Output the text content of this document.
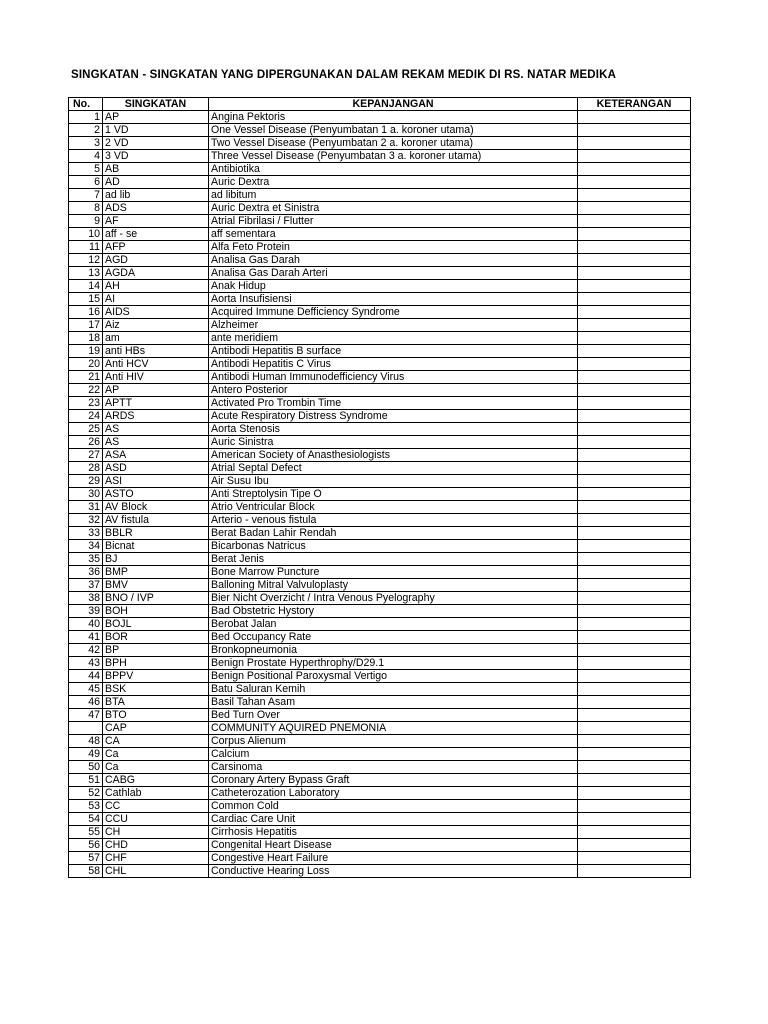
SINGKATAN - SINGKATAN YANG DIPERGUNAKAN DALAM REKAM MEDIK DI RS. NATAR MEDIKA
No.	SINGKATAN	KEPANJANGAN	KETERANGAN
1	AP	Angina Pektoris	
2	1 VD	One Vessel Disease (Penyumbatan 1 a. koroner utama)	
3	2 VD	Two Vessel Disease (Penyumbatan 2 a. koroner utama)	
4	3 VD	Three Vessel Disease (Penyumbatan 3 a. koroner utama)	
5	AB	Antibiotika	
6	AD	Auric Dextra	
7	ad lib	ad libitum	
8	ADS	Auric Dextra et Sinistra	
9	AF	Atrial Fibrilasi / Flutter	
10	aff - se	aff sementara	
11	AFP	Alfa Feto Protein	
12	AGD	Analisa Gas Darah	
13	AGDA	Analisa Gas Darah Arteri	
14	AH	Anak Hidup	
15	AI	Aorta Insufisiensi	
16	AIDS	Acquired Immune Defficiency Syndrome	
17	Aiz	Alzheimer	
18	am	ante meridiem	
19	anti HBs	Antibodi Hepatitis B surface	
20	Anti HCV	Antibodi Hepatitis C Virus	
21	Anti HIV	Antibodi Human Immunodefficiency Virus	
22	AP	Antero Posterior	
23	APTT	Activated Pro Trombin Time	
24	ARDS	Acute Respiratory Distress Syndrome	
25	AS	Aorta Stenosis	
26	AS	Auric Sinistra	
27	ASA	American Society of Anasthesiologists	
28	ASD	Atrial Septal Defect	
29	ASI	Air Susu Ibu	
30	ASTO	Anti Streptolysin Tipe O	
31	AV Block	Atrio Ventricular Block	
32	AV fistula	Arterio - venous fistula	
33	BBLR	Berat Badan Lahir Rendah	
34	Bicnat	Bicarbonas Natricus	
35	BJ	Berat Jenis	
36	BMP	Bone Marrow Puncture	
37	BMV	Balloning Mitral Valvuloplasty	
38	BNO / IVP	Bier Nicht Overzicht / Intra Venous Pyelography	
39	BOH	Bad Obstetric Hystory	
40	BOJL	Berobat Jalan	
41	BOR	Bed Occupancy Rate	
42	BP	Bronkopneumonia	
43	BPH	Benign Prostate Hyperthrophy/D29.1	
44	BPPV	Benign Positional Paroxysmal Vertigo	
45	BSK	Batu Saluran Kemih	
46	BTA	Basil Tahan Asam	
47	BTO	Bed Turn Over	
	CAP	COMMUNITY AQUIRED PNEMONIA	
48	CA	Corpus Alienum	
49	Ca	Calcium	
50	Ca	Carsinoma	
51	CABG	Coronary Artery Bypass Graft	
52	Cathlab	Catheterozation Laboratory	
53	CC	Common Cold	
54	CCU	Cardiac Care Unit	
55	CH	Cirrhosis Hepatitis	
56	CHD	Congenital Heart Disease	
57	CHF	Congestive Heart Failure	
58	CHL	Conductive Hearing Loss	
